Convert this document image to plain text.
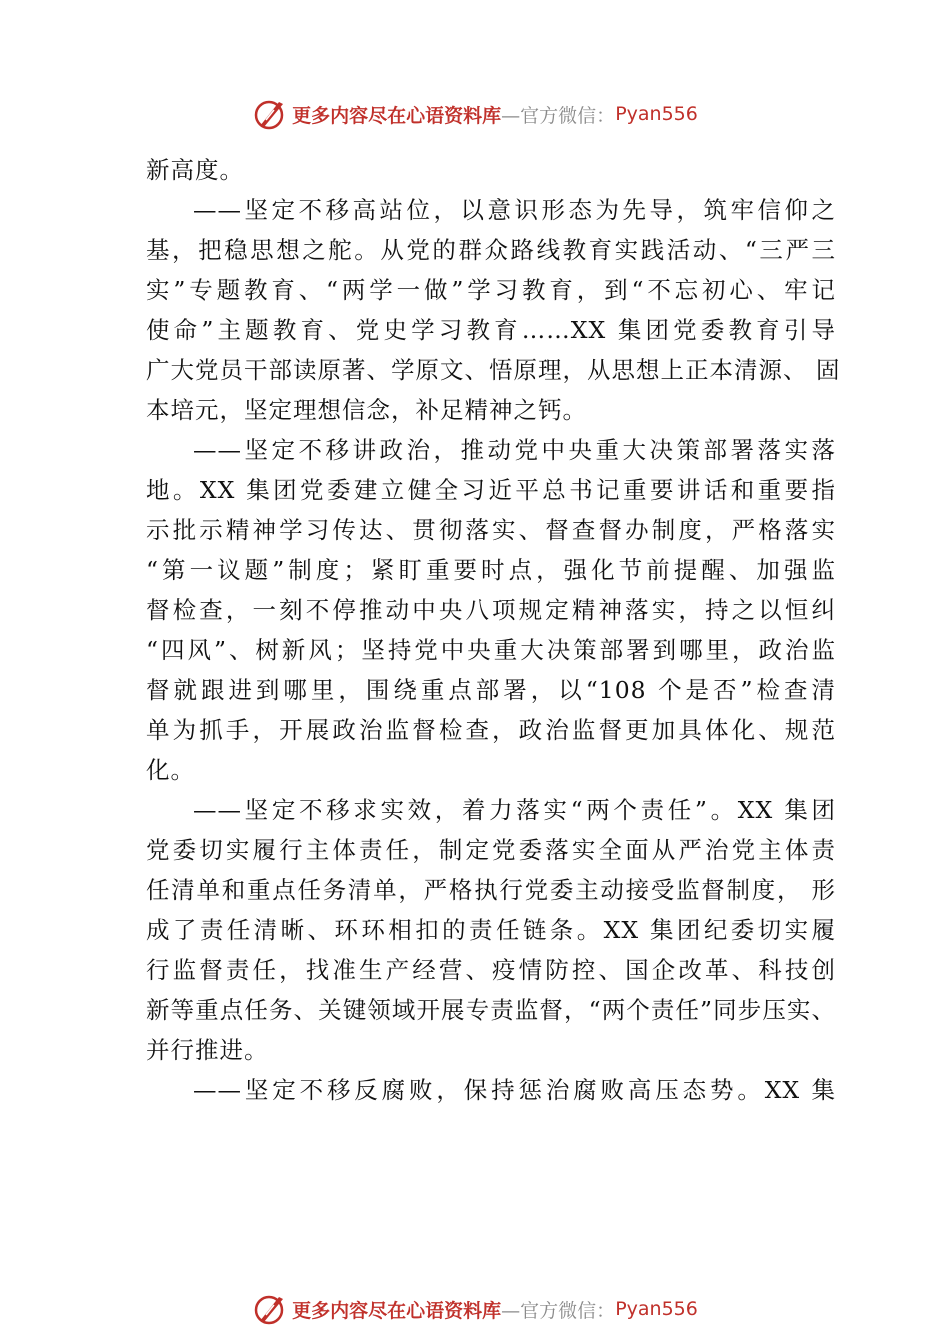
更多内容尽在心语资料库 —官方微信： Pyan556
新高度。
——坚定不移高站位，以意识形态为先导，筑牢信仰之
基，把稳思想之舵。从党的群众路线教育实践活动、“三严三
实”专题教育、“两学一做”学习教育，到“不忘初心、牢记
使命”主题教育、党史学习教育……XX 集团党委教育引导
广大党员干部读原著、学原文、悟原理，从思想上正本清源、 固
本培元，坚定理想信念，补足精神之钙。
——坚定不移讲政治，推动党中央重大决策部署落实落
地。XX 集团党委建立健全习近平总书记重要讲话和重要指
示批示精神学习传达、贯彻落实、督查督办制度，严格落实
“第一议题”制度；紧盯重要时点，强化节前提醒、加强监
督检查，一刻不停推动中央八项规定精神落实，持之以恒纠
“四风”、树新风；坚持党中央重大决策部署到哪里，政治监
督就跟进到哪里，围绕重点部署，以“108 个是否”检查清
单为抓手，开展政治监督检查，政治监督更加具体化、规范
化。
——坚定不移求实效，着力落实“两个责任”。XX 集团
党委切实履行主体责任，制定党委落实全面从严治党主体责
任清单和重点任务清单，严格执行党委主动接受监督制度， 形
成了责任清晰、环环相扣的责任链条。XX 集团纪委切实履
行监督责任，找准生产经营、疫情防控、国企改革、科技创
新等重点任务、关键领域开展专责监督，“两个责任”同步压实、
并行推进。
——坚定不移反腐败，保持惩治腐败高压态势。XX 集
更多内容尽在心语资料库 —官方微信： Pyan556
